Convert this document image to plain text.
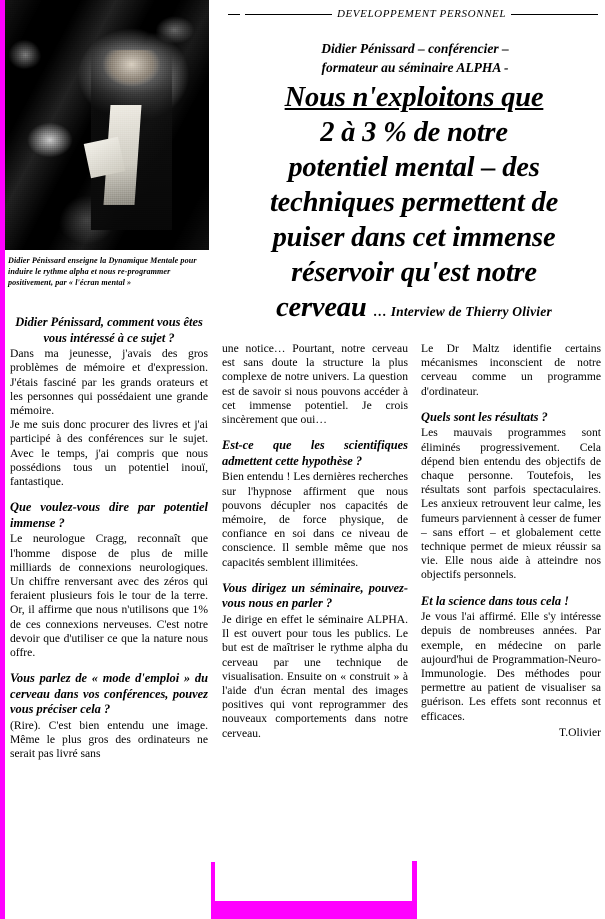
Didier Pénissard enseigne la Dynamique Mentale pour induire le rythme alpha et nous re-programmer positivement, par « l'écran mental »
DEVELOPPEMENT PERSONNEL
Didier Pénissard – conférencier –
formateur au séminaire ALPHA -
Nous n'exploitons que
2 à 3 % de notre
potentiel mental – des
techniques permettent de
puiser dans cet immense
réservoir qu'est notre
cerveau … Interview de Thierry Olivier
Didier Pénissard, comment vous êtes vous intéressé à ce sujet ?

Dans ma jeunesse, j'avais des gros problèmes de mémoire et d'expression. J'étais fasciné par les grands orateurs et les personnes qui possédaient une grande mémoire.

Je me suis donc procurer des livres et j'ai participé à des conférences sur le sujet. Avec le temps, j'ai compris que nous possédions tous un potentiel inouï, fantastique.

Que voulez-vous dire par potentiel immense ?

Le neurologue Cragg, reconnaît que l'homme dispose de plus de mille milliards de connexions neurologiques. Un chiffre renversant avec des zéros qui feraient plusieurs fois le tour de la terre. Or, il affirme que nous n'utilisons que 1% de ces connexions nerveuses. C'est notre devoir que d'utiliser ce que la nature nous offre.

Vous parlez de « mode d'emploi » du cerveau dans vos conférences, pouvez vous préciser cela ?

(Rire). C'est bien entendu une image. Même le plus gros des ordinateurs ne serait pas livré sans

une notice… Pourtant, notre cerveau est sans doute la structure la plus complexe de notre univers. La question est de savoir si nous pouvons accéder à cet immense potentiel. Je crois sincèrement que oui…

Est-ce que les scientifiques admettent cette hypothèse ?

Bien entendu ! Les dernières recherches sur l'hypnose affirment que nous pouvons décupler nos capacités de mémoire, de force physique, de confiance en soi dans ce niveau de conscience. Il semble même que nos capacités semblent illimitées.

Vous dirigez un séminaire, pouvez-vous nous en parler ?

Je dirige en effet le séminaire ALPHA. Il est ouvert pour tous les publics. Le but est de maîtriser le rythme alpha du cerveau par une technique de visualisation. Ensuite on « construit » à l'aide d'un écran mental des images positives qui vont reprogrammer des nouveaux comportements dans notre cerveau.

Le Dr Maltz identifie certains mécanismes inconscient de notre cerveau comme un programme d'ordinateur.

Quels sont les résultats ?

Les mauvais programmes sont éliminés progressivement. Cela dépend bien entendu des objectifs de chaque personne. Toutefois, les résultats sont parfois spectaculaires. Les anxieux retrouvent leur calme, les fumeurs parviennent à cesser de fumer – sans effort – et globalement cette technique permet de mieux réussir sa vie. Elle nous aide à atteindre nos objectifs personnels.

Et la science dans tous cela !

Je vous l'ai affirmé. Elle s'y intéresse depuis de nombreuses années. Par exemple, en médecine on parle aujourd'hui de Programmation-Neuro-Immunologie. Des méthodes pour permettre au patient de visualiser sa guérison. Les effets sont reconnus et efficaces.

T.Olivier
